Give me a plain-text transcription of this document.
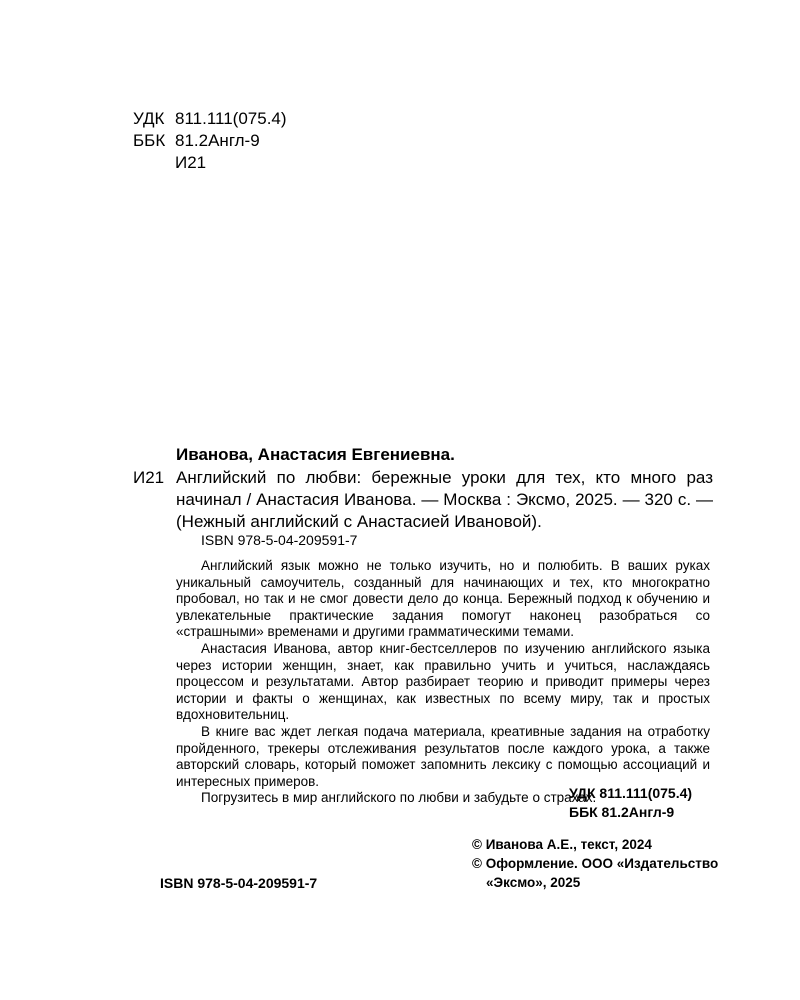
УДК 811.111(075.4)
ББК 81.2Англ-9
И21
Иванова, Анастасия Евгениевна.
И21 Английский по любви: бережные уроки для тех, кто много раз начинал / Анастасия Иванова. — Москва : Эксмо, 2025. — 320 с. — (Нежный английский с Анастасией Ивановой).
ISBN 978-5-04-209591-7

Английский язык можно не только изучить, но и полюбить. В ваших руках уникальный самоучитель, созданный для начинающих и тех, кто многократно пробовал, но так и не смог довести дело до конца. Бережный подход к обучению и увлекательные практические задания помогут наконец разобраться со «страшными» временами и другими грамматическими темами.

Анастасия Иванова, автор книг-бестселлеров по изучению английского языка через истории женщин, знает, как правильно учить и учиться, наслаждаясь процессом и результатами. Автор разбирает теорию и приводит примеры через истории и факты о женщинах, как известных по всему миру, так и простых вдохновительниц.

В книге вас ждет легкая подача материала, креативные задания на отработку пройденного, трекеры отслеживания результатов после каждого урока, а также авторский словарь, который поможет запомнить лексику с помощью ассоциаций и интересных примеров.

Погрузитесь в мир английского по любви и забудьте о страхах.

УДК 811.111(075.4)
ББК 81.2Англ-9
© Иванова А.Е., текст, 2024
© Оформление. ООО «Издательство
«Эксмо», 2025
ISBN 978-5-04-209591-7
